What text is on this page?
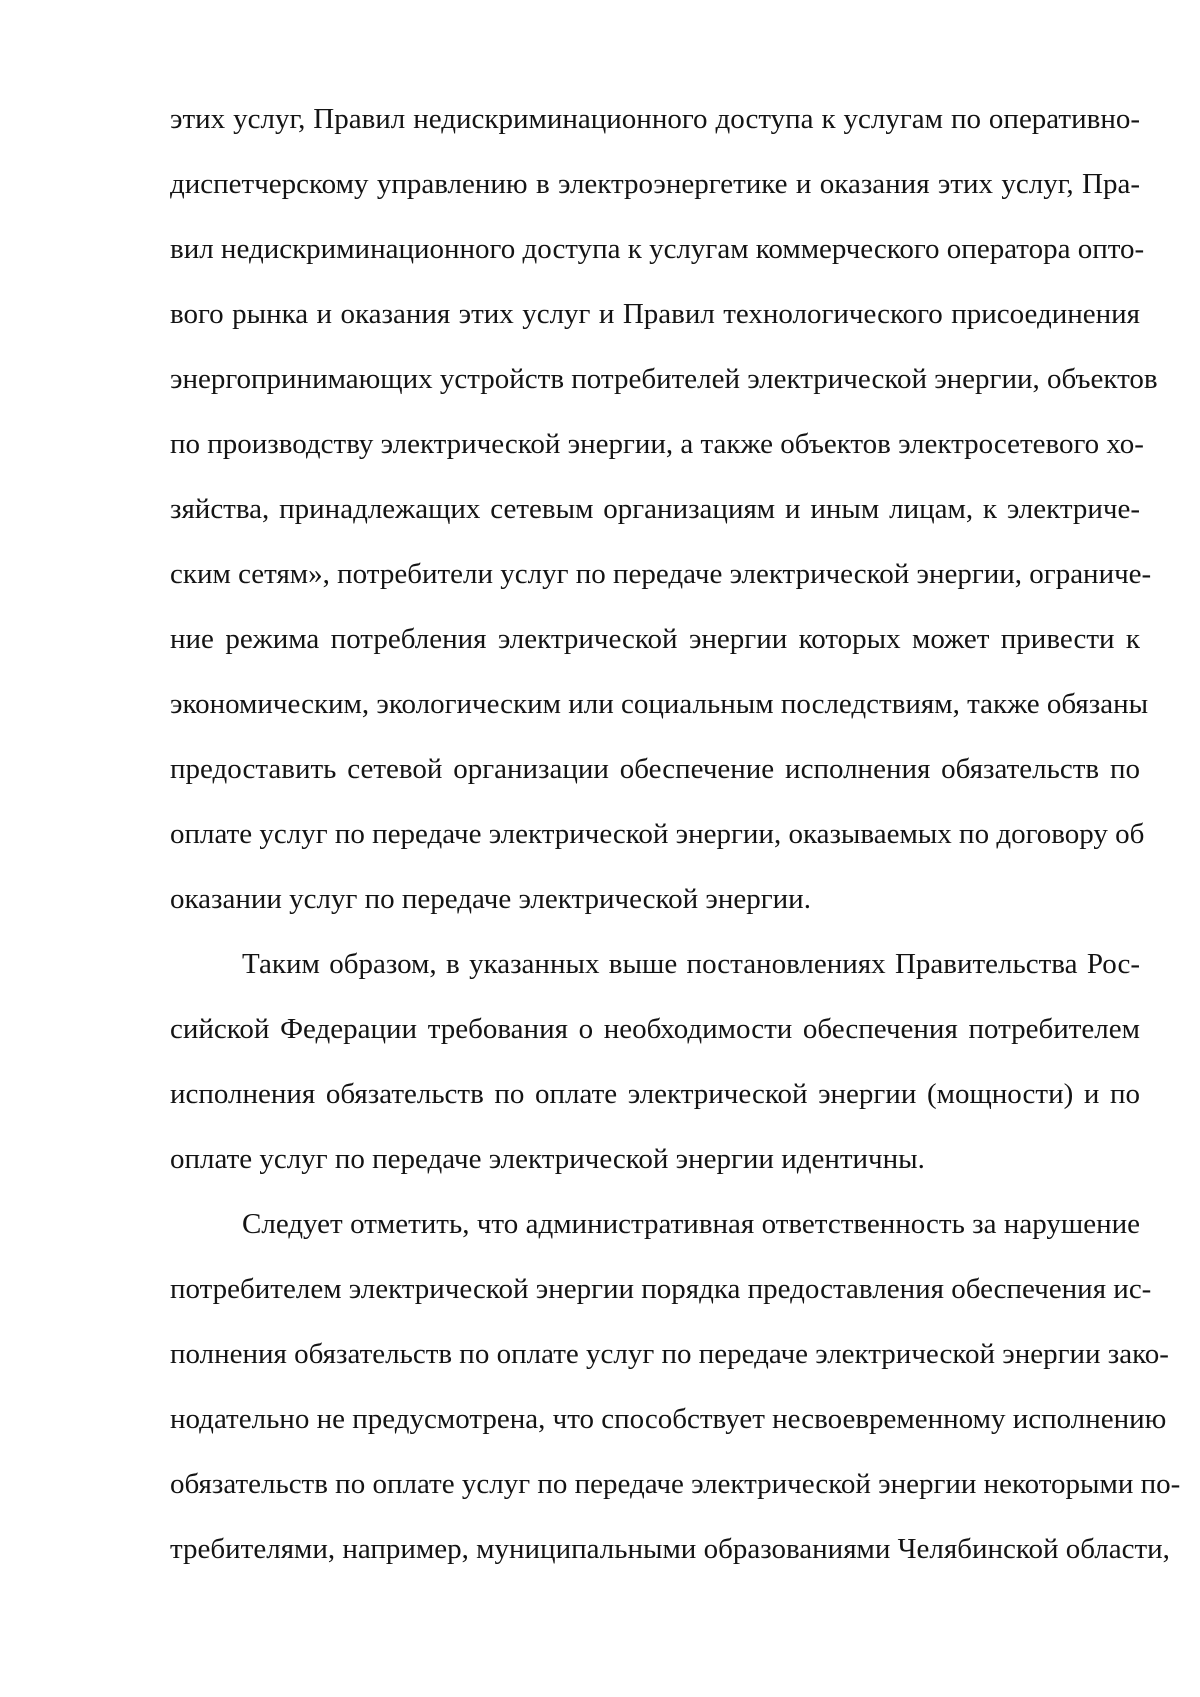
этих услуг, Правил недискриминационного доступа к услугам по оперативно-
диспетчерскому управлению в электроэнергетике и оказания этих услуг, Пра-
вил недискриминационного доступа к услугам коммерческого оператора опто-
вого рынка и оказания этих услуг и Правил технологического присоединения
энергопринимающих устройств потребителей электрической энергии, объектов
по производству электрической энергии, а также объектов электросетевого хо-
зяйства, принадлежащих сетевым организациям и иным лицам, к электриче-
ским сетям», потребители услуг по передаче электрической энергии, ограниче-
ние режима потребления электрической энергии которых может привести к
экономическим, экологическим или социальным последствиям, также обязаны
предоставить сетевой организации обеспечение исполнения обязательств по
оплате услуг по передаче электрической энергии, оказываемых по договору об
оказании услуг по передаче электрической энергии.
Таким образом, в указанных выше постановлениях Правительства Рос-
сийской Федерации требования о необходимости обеспечения потребителем
исполнения обязательств по оплате электрической энергии (мощности) и по
оплате услуг по передаче электрической энергии идентичны.
Следует отметить, что административная ответственность за нарушение
потребителем электрической энергии порядка предоставления обеспечения ис-
полнения обязательств по оплате услуг по передаче электрической энергии зако-
нодательно не предусмотрена, что способствует несвоевременному исполнению
обязательств по оплате услуг по передаче электрической энергии некоторыми по-
требителями, например, муниципальными образованиями Челябинской области,
